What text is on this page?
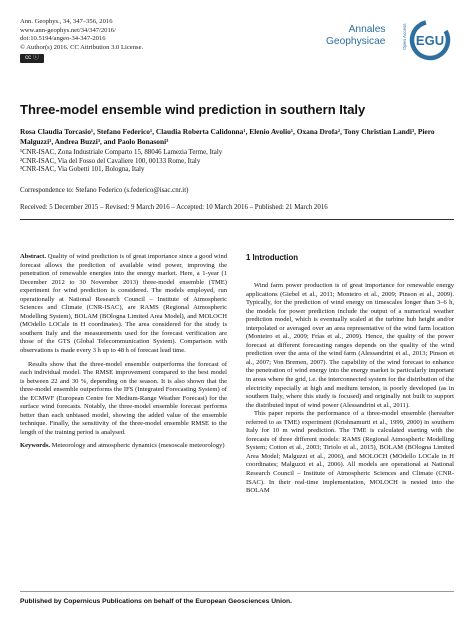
Ann. Geophys., 34, 347–356, 2016
www.ann-geophys.net/34/347/2016/
doi:10.5194/angeo-34-347-2016
© Author(s) 2016. CC Attribution 3.0 License.
cc ⓘ
Annales
Geophysicae	Open Access EGU
Three-model ensemble wind prediction in southern Italy
Rosa Claudia Torcasio¹, Stefano Federico¹, Claudia Roberta Calidonna¹, Elenio Avolio¹, Oxana Drofa², Tony Christian Landi³, Piero Malguzzi³, Andrea Buzzi³, and Paolo Bonasoni³
¹CNR-ISAC, Zona Industriale Comparto 15, 88046 Lamezia Terme, Italy
²CNR-ISAC, Via del Fosso del Cavaliere 100, 00133 Rome, Italy
³CNR-ISAC, Via Gobetti 101, Bologna, Italy
Correspondence to: Stefano Federico (s.federico@isac.cnr.it)
Received: 5 December 2015 – Revised: 9 March 2016 – Accepted: 10 March 2016 – Published: 21 March 2016

Abstract. Quality of wind prediction is of great importance since a good wind forecast allows the prediction of available wind power, improving the penetration of renewable energies into the energy market. Here, a 1-year (1 December 2012 to 30 November 2013) three-model ensemble (TME) experiment for wind prediction is considered. The models employed, run operationally at National Research Council – Institute of Atmospheric Sciences and Climate (CNR-ISAC), are RAMS (Regional Atmospheric Modelling System), BOLAM (BOlogna Limited Area Model), and MOLOCH (MOdello LOCale in H coordinates). The area considered for the study is southern Italy and the measurements used for the forecast verification are those of the GTS (Global Telecommunication System). Comparison with observations is made every 3 h up to 48 h of forecast lead time.

Results show that the three-model ensemble outperforms the forecast of each individual model. The RMSE improvement compared to the best model is between 22 and 30 %, depending on the season. It is also shown that the three-model ensemble outperforms the IFS (Integrated Forecasting System) of the ECMWF (European Centre for Medium-Range Weather Forecast) for the surface wind forecasts. Notably, the three-model ensemble forecast performs better than each unbiased model, showing the added value of the ensemble technique. Finally, the sensitivity of the three-model ensemble RMSE to the length of the training period is analysed.

Keywords. Meteorology and atmospheric dynamics (mesoscale meteorology)

1 Introduction

Wind farm power production is of great importance for renewable energy applications (Giebel et al., 2011; Monteiro et al., 2009; Pinson et al., 2009). Typically, for the prediction of wind energy on timescales longer than 3–6 h, the models for power prediction include the output of a numerical weather prediction model, which is eventually scaled at the turbine hub height and/or interpolated or averaged over an area representative of the wind farm location (Monteiro et al., 2009; Frías et al., 2009). Hence, the quality of the power forecast at different forecasting ranges depends on the quality of the wind prediction over the area of the wind farm (Alessandrini et al., 2013; Pinson et al., 2007; Von Bremen, 2007). The capability of the wind forecast to enhance the penetration of wind energy into the energy market is particularly important in areas where the grid, i.e. the interconnected system for the distribution of the electricity especially at high and medium tension, is poorly developed (as in southern Italy, where this study is focused) and originally not built to support the distributed input of wind power (Alessandrini et al., 2011).

This paper reports the performance of a three-model ensemble (hereafter referred to as TME) experiment (Krishnamurti et al., 1999, 2000) in southern Italy for 10 m wind prediction. The TME is calculated starting with the forecasts of three different models: RAMS (Regional Atmospheric Modelling System; Cotton et al., 2003; Tiriolo et al., 2015), BOLAM (BOlogna Limited Area Model; Malguzzi et al., 2006), and MOLOCH (MOdello LOCale in H coordinates; Malguzzi et al., 2006). All models are operational at National Research Council – Institute of Atmospheric Sciences and Climate (CNR-ISAC). In their real-time implementation, MOLOCH is nested into the BOLAM

Published by Copernicus Publications on behalf of the European Geosciences Union.
